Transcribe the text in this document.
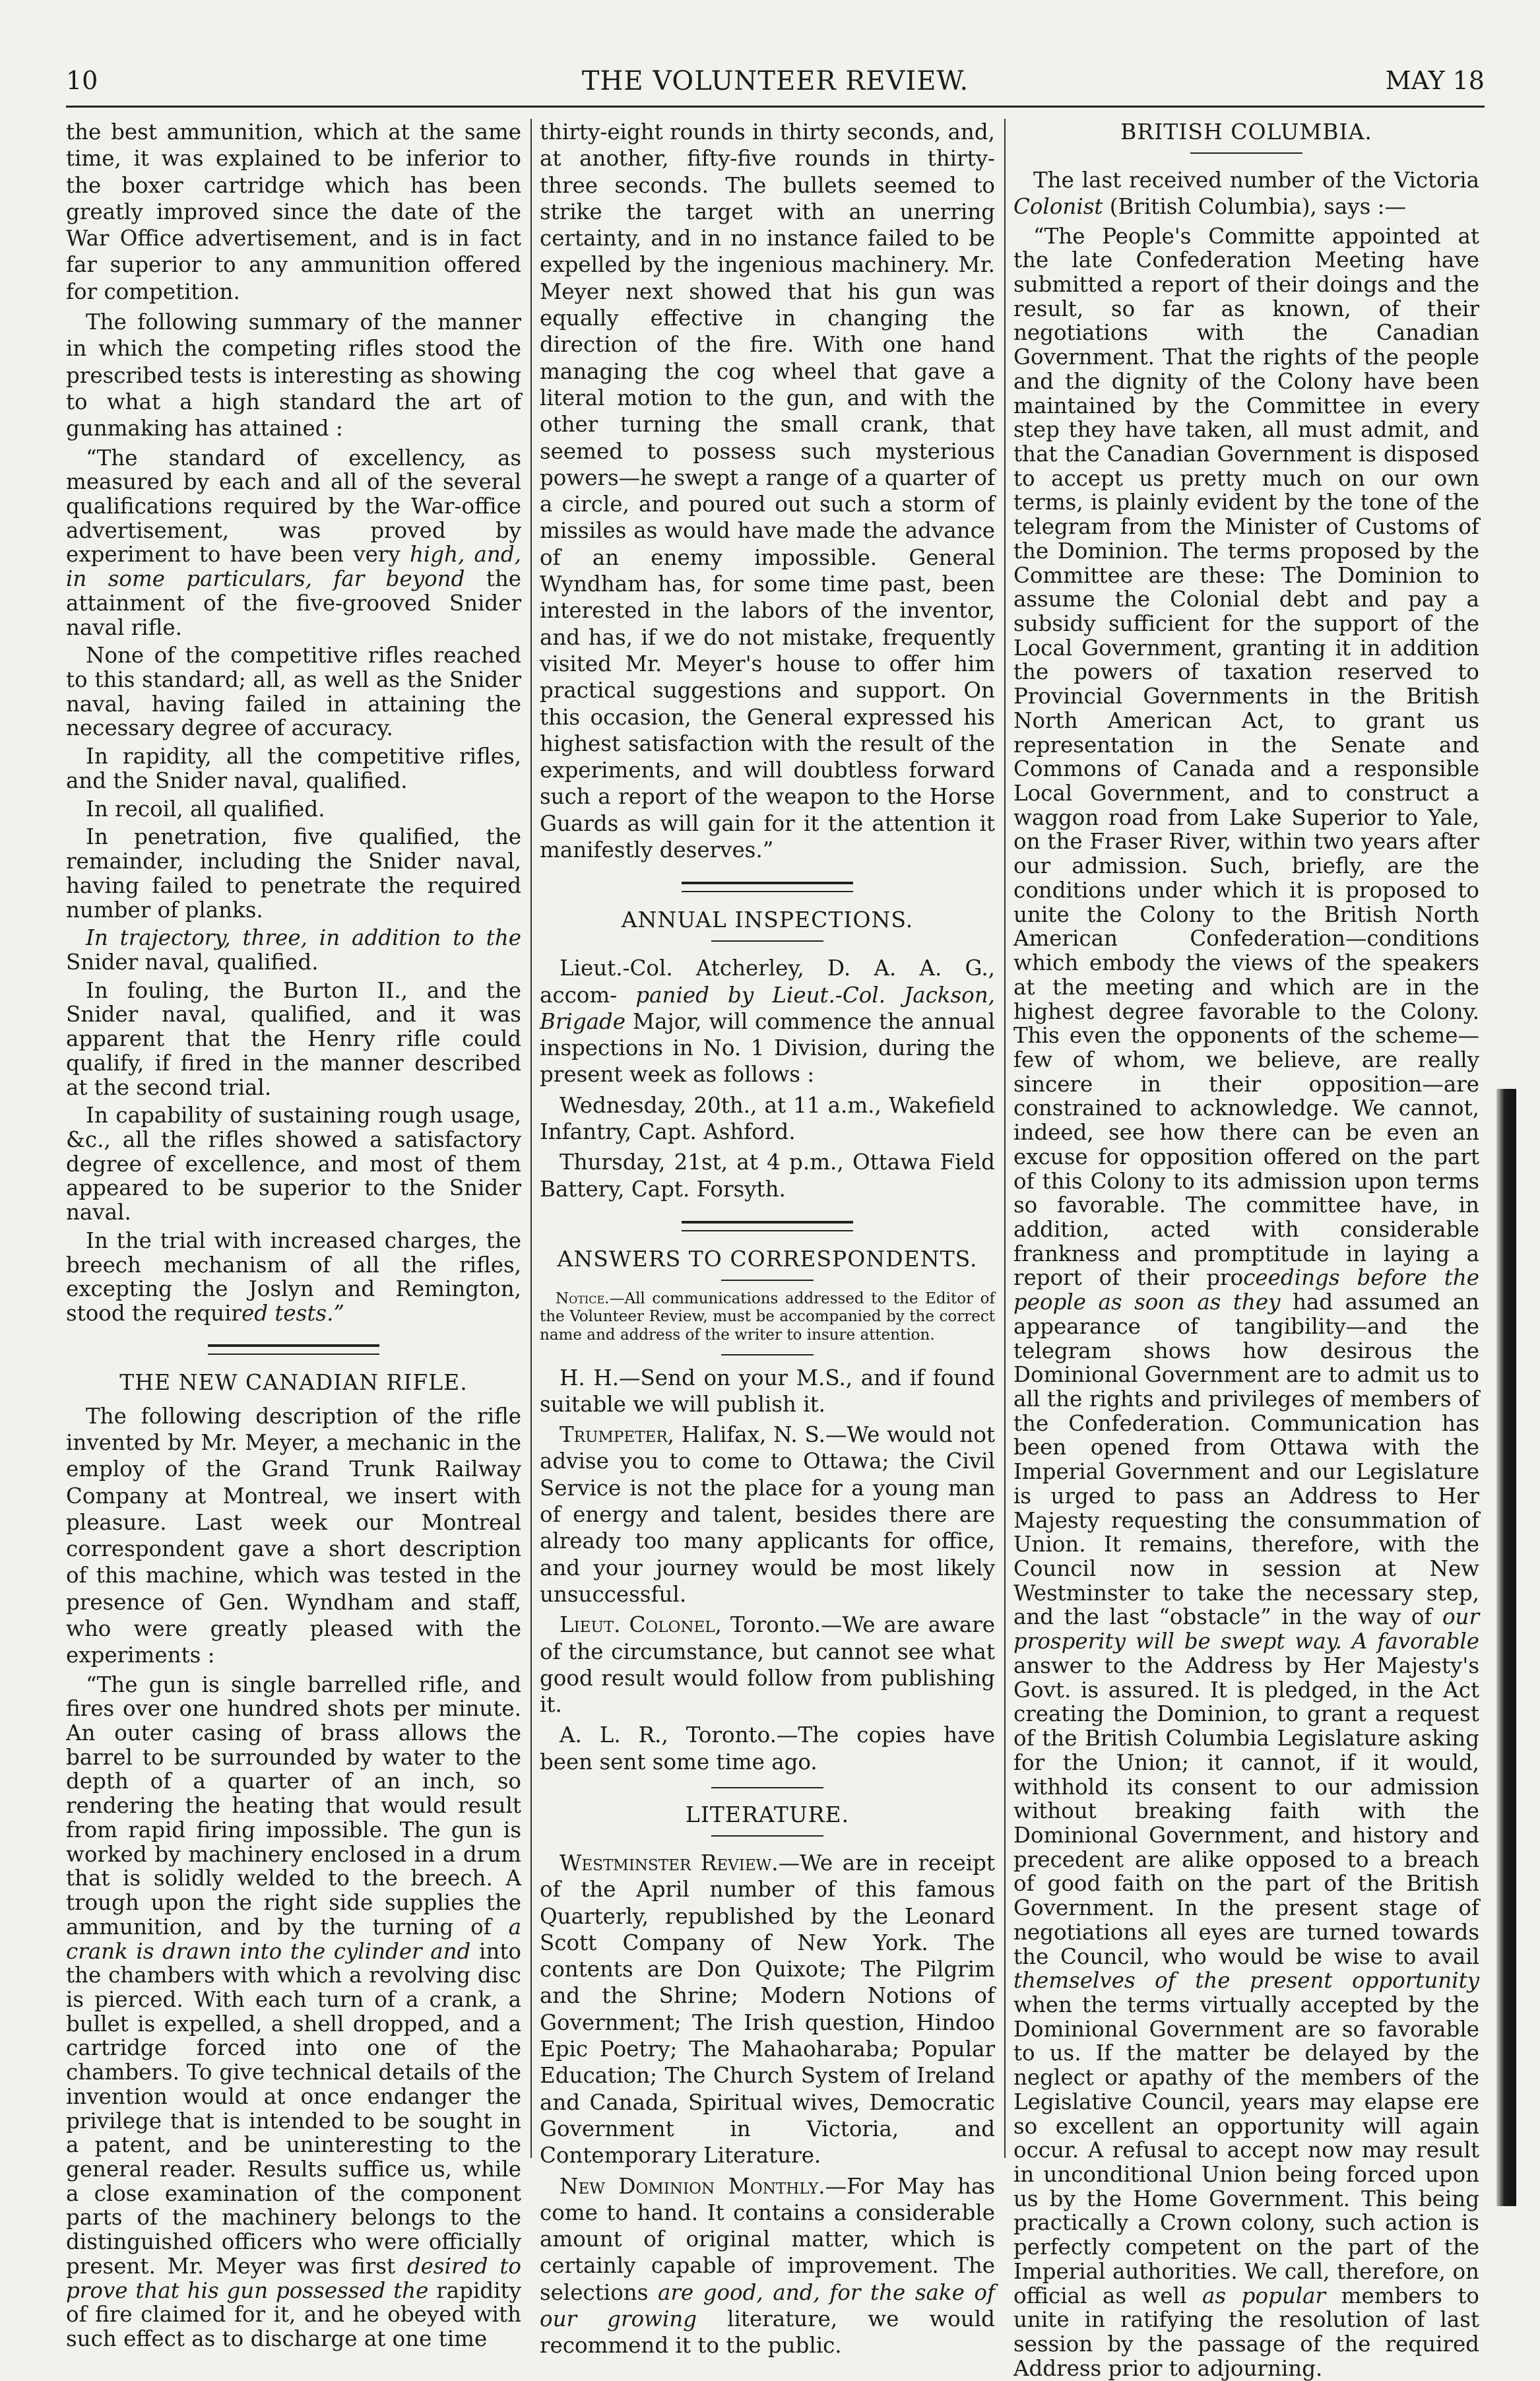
10	THE VOLUNTEER REVIEW.	MAY 18

the best ammunition, which at the same time, it was explained to be inferior to the boxer cartridge which has been greatly improved since the date of the War Office advertisement, and is in fact far superior to any ammunition offered for competition.

The following summary of the manner in which the competing rifles stood the prescribed tests is interesting as showing to what a high standard the art of gunmaking has attained :

“The standard of excellency, as measured by each and all of the several qualifications required by the War-office advertisement, was proved by experiment to have been very high, and, in some particulars, far beyond the attainment of the five-grooved Snider naval rifle.

None of the competitive rifles reached to this standard; all, as well as the Snider naval, having failed in attaining the necessary degree of accuracy.

In rapidity, all the competitive rifles, and the Snider naval, qualified.

In recoil, all qualified.

In penetration, five qualified, the remainder, including the Snider naval, having failed to penetrate the required number of planks.

In trajectory, three, in addition to the Snider naval, qualified.

In fouling, the Burton II., and the Snider naval, qualified, and it was apparent that the Henry rifle could qualify, if fired in the manner described at the second trial.

In capability of sustaining rough usage, &c., all the rifles showed a satisfactory degree of excellence, and most of them appeared to be superior to the Snider naval.

In the trial with increased charges, the breech mechanism of all the rifles, excepting the Joslyn and Remington, stood the required tests.”

THE NEW CANADIAN RIFLE.

The following description of the rifle invented by Mr. Meyer, a mechanic in the employ of the Grand Trunk Railway Company at Montreal, we insert with pleasure. Last week our Montreal correspondent gave a short description of this machine, which was tested in the presence of Gen. Wyndham and staff, who were greatly pleased with the experiments :

“The gun is single barrelled rifle, and fires over one hundred shots per minute. An outer casing of brass allows the barrel to be surrounded by water to the depth of a quarter of an inch, so rendering the heating that would result from rapid firing impossible. The gun is worked by machinery enclosed in a drum that is solidly welded to the breech. A trough upon the right side supplies the ammunition, and by the turning of a crank is drawn into the cylinder and into the chambers with which a revolving disc is pierced. With each turn of a crank, a bullet is expelled, a shell dropped, and a cartridge forced into one of the chambers. To give technical details of the invention would at once endanger the privilege that is intended to be sought in a patent, and be uninteresting to the general reader. Results suffice us, while a close examination of the component parts of the machinery belongs to the distinguished officers who were officially present. Mr. Meyer was first desired to prove that his gun possessed the rapidity of fire claimed for it, and he obeyed with such effect as to discharge at one time

thirty-eight rounds in thirty seconds, and, at another, fifty-five rounds in thirty-three seconds. The bullets seemed to strike the target with an unerring certainty, and in no instance failed to be expelled by the ingenious machinery. Mr. Meyer next showed that his gun was equally effective in changing the direction of the fire. With one hand managing the cog wheel that gave a literal motion to the gun, and with the other turning the small crank, that seemed to possess such mysterious powers—he swept a range of a quarter of a circle, and poured out such a storm of missiles as would have made the advance of an enemy impossible. General Wyndham has, for some time past, been interested in the labors of the inventor, and has, if we do not mistake, frequently visited Mr. Meyer's house to offer him practical suggestions and support. On this occasion, the General expressed his highest satisfaction with the result of the experiments, and will doubtless forward such a report of the weapon to the Horse Guards as will gain for it the attention it manifestly deserves.”

ANNUAL INSPECTIONS.

Lieut.-Col. Atcherley, D. A. A. G., accom- panied by Lieut.-Col. Jackson, Brigade Major, will commence the annual inspections in No. 1 Division, during the present week as follows :

Wednesday, 20th., at 11 a.m., Wakefield Infantry, Capt. Ashford.

Thursday, 21st, at 4 p.m., Ottawa Field Battery, Capt. Forsyth.

ANSWERS TO CORRESPONDENTS.

Notice.—All communications addressed to the Editor of the Volunteer Review, must be accompanied by the correct name and address of the writer to insure attention.

H. H.—Send on your M.S., and if found suitable we will publish it.

Trumpeter, Halifax, N. S.—We would not advise you to come to Ottawa; the Civil Service is not the place for a young man of energy and talent, besides there are already too many applicants for office, and your journey would be most likely unsuccessful.

Lieut. Colonel, Toronto.—We are aware of the circumstance, but cannot see what good result would follow from publishing it.

A. L. R., Toronto.—The copies have been sent some time ago.

LITERATURE.

Westminster Review.—We are in receipt of the April number of this famous Quarterly, republished by the Leonard Scott Company of New York. The contents are Don Quixote; The Pilgrim and the Shrine; Modern Notions of Government; The Irish question, Hindoo Epic Poetry; The Mahaoharaba; Popular Education; The Church System of Ireland and Canada, Spiritual wives, Democratic Government in Victoria, and Contemporary Literature.

New Dominion Monthly.—For May has come to hand. It contains a considerable amount of original matter, which is certainly capable of improvement. The selections are good, and, for the sake of our growing literature, we would recommend it to the public.

BRITISH COLUMBIA.

The last received number of the Victoria Colonist (British Columbia), says :—

“The People's Committe appointed at the late Confederation Meeting have submitted a report of their doings and the result, so far as known, of their negotiations with the Canadian Government. That the rights of the people and the dignity of the Colony have been maintained by the Committee in every step they have taken, all must admit, and that the Canadian Government is disposed to accept us pretty much on our own terms, is plainly evident by the tone of the telegram from the Minister of Customs of the Dominion. The terms proposed by the Committee are these: The Dominion to assume the Colonial debt and pay a subsidy sufficient for the support of the Local Government, granting it in addition the powers of taxation reserved to Provincial Governments in the British North American Act, to grant us representation in the Senate and Commons of Canada and a responsible Local Government, and to construct a waggon road from Lake Superior to Yale, on the Fraser River, within two years after our admission. Such, briefly, are the conditions under which it is proposed to unite the Colony to the British North American Confederation—conditions which embody the views of the speakers at the meeting and which are in the highest degree favorable to the Colony. This even the opponents of the scheme—few of whom, we believe, are really sincere in their opposition—are constrained to acknowledge. We cannot, indeed, see how there can be even an excuse for opposition offered on the part of this Colony to its admission upon terms so favorable. The committee have, in addition, acted with considerable frankness and promptitude in laying a report of their proceedings before the people as soon as they had assumed an appearance of tangibility—and the telegram shows how desirous the Dominional Government are to admit us to all the rights and privileges of members of the Confederation. Communication has been opened from Ottawa with the Imperial Government and our Legislature is urged to pass an Address to Her Majesty requesting the consummation of Union. It remains, therefore, with the Council now in session at New Westminster to take the necessary step, and the last “obstacle” in the way of our prosperity will be swept way. A favorable answer to the Address by Her Majesty's Govt. is assured. It is pledged, in the Act creating the Dominion, to grant a request of the British Columbia Legislature asking for the Union; it cannot, if it would, withhold its consent to our admission without breaking faith with the Dominional Government, and history and precedent are alike opposed to a breach of good faith on the part of the British Government. In the present stage of negotiations all eyes are turned towards the Council, who would be wise to avail themselves of the present opportunity when the terms virtually accepted by the Dominional Government are so favorable to us. If the matter be delayed by the neglect or apathy of the members of the Legislative Council, years may elapse ere so excellent an opportunity will again occur. A refusal to accept now may result in unconditional Union being forced upon us by the Home Government. This being practically a Crown colony, such action is perfectly competent on the part of the Imperial authorities. We call, therefore, on official as well as popular members to unite in ratifying the resolution of last session by the passage of the required Address prior to adjourning.
